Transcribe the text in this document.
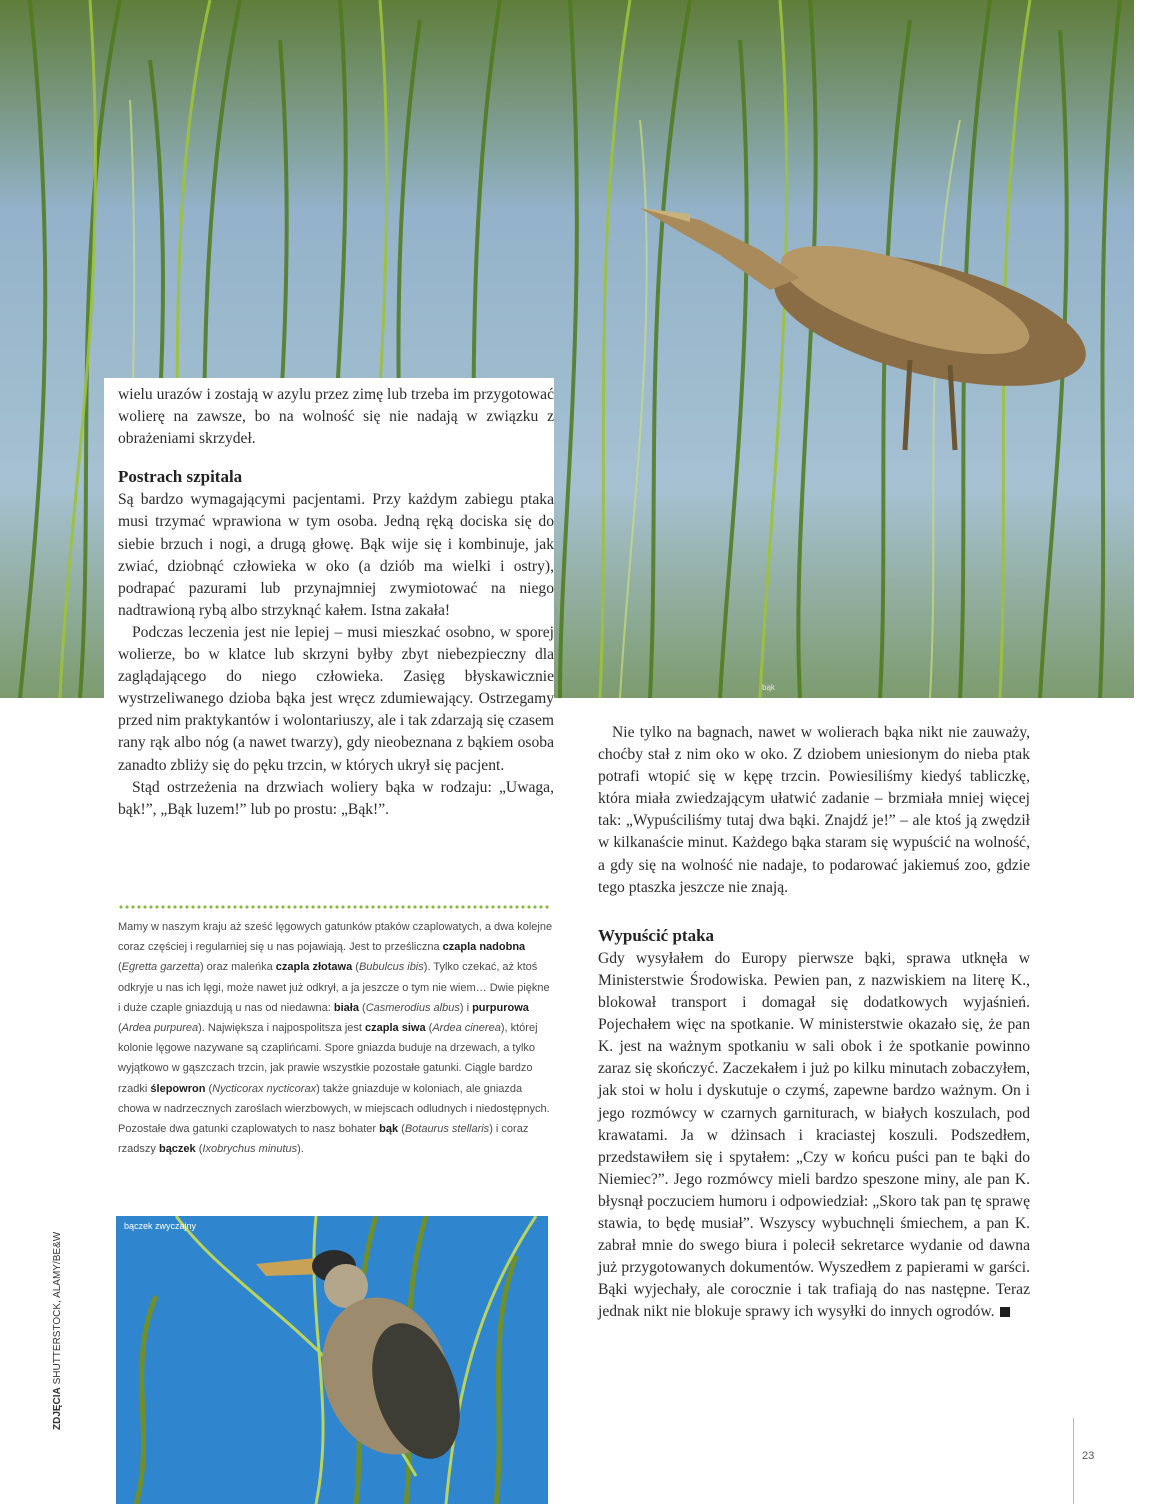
bąk

wielu urazów i zostają w azylu przez zimę lub trzeba im przygotować wolierę na zawsze, bo na wolność się nie nadają w związku z obrażeniami skrzydeł.

Postrach szpitala

Są bardzo wymagającymi pacjentami. Przy każdym zabiegu ptaka musi trzymać wprawiona w tym osoba. Jedną ręką dociska się do siebie brzuch i nogi, a drugą głowę. Bąk wije się i kombinuje, jak zwiać, dziobnąć człowieka w oko (a dziób ma wielki i ostry), podrapać pazurami lub przynajmniej zwymiotować na niego nadtrawioną rybą albo strzyknąć kałem. Istna zakała!

Podczas leczenia jest nie lepiej – musi mieszkać osobno, w sporej wolierze, bo w klatce lub skrzyni byłby zbyt niebezpieczny dla zaglądającego do niego człowieka. Zasięg błyskawicznie wystrzeliwanego dzioba bąka jest wręcz zdumiewający. Ostrzegamy przed nim praktykantów i wolontariuszy, ale i tak zdarzają się czasem rany rąk albo nóg (a nawet twarzy), gdy nieobeznana z bąkiem osoba zanadto zbliży się do pęku trzcin, w których ukrył się pacjent.

Stąd ostrzeżenia na drzwiach woliery bąka w rodzaju: „Uwaga, bąk!”, „Bąk luzem!” lub po prostu: „Bąk!”.

Nie tylko na bagnach, nawet w wolierach bąka nikt nie zauważy, choćby stał z nim oko w oko. Z dziobem uniesionym do nieba ptak potrafi wtopić się w kępę trzcin. Powiesiliśmy kiedyś tabliczkę, która miała zwiedzającym ułatwić zadanie – brzmiała mniej więcej tak: „Wypuściliśmy tutaj dwa bąki. Znajdź je!” – ale ktoś ją zwędził w kilkanaście minut. Każdego bąka staram się wypuścić na wolność, a gdy się na wolność nie nadaje, to podarować jakiemuś zoo, gdzie tego ptaszka jeszcze nie znają.

Wypuścić ptaka

Gdy wysyłałem do Europy pierwsze bąki, sprawa utknęła w Ministerstwie Środowiska. Pewien pan, z nazwiskiem na literę K., blokował transport i domagał się dodatkowych wyjaśnień. Pojechałem więc na spotkanie. W ministerstwie okazało się, że pan K. jest na ważnym spotkaniu w sali obok i że spotkanie powinno zaraz się skończyć. Zaczekałem i już po kilku minutach zobaczyłem, jak stoi w holu i dyskutuje o czymś, zapewne bardzo ważnym. On i jego rozmówcy w czarnych garniturach, w białych koszulach, pod krawatami. Ja w dżinsach i kraciastej koszuli. Podszedłem, przedstawiłem się i spytałem: „Czy w końcu puści pan te bąki do Niemiec?”. Jego rozmówcy mieli bardzo speszone miny, ale pan K. błysnął poczuciem humoru i odpowiedział: „Skoro tak pan tę sprawę stawia, to będę musiał”. Wszyscy wybuchnęli śmiechem, a pan K. zabrał mnie do swego biura i polecił sekretarce wydanie od dawna już przygotowanych dokumentów. Wyszedłem z papierami w garści. Bąki wyjechały, ale corocznie i tak trafiają do nas następne. Teraz jednak nikt nie blokuje sprawy ich wysyłki do innych ogrodów.

Mamy w naszym kraju aż sześć lęgowych gatunków ptaków czaplowatych, a dwa kolejne coraz częściej i regularniej się u nas pojawiają. Jest to prześliczna czapla nadobna (Egretta garzetta) oraz maleńka czapla złotawa (Bubulcus ibis). Tylko czekać, aż ktoś odkryje u nas ich lęgi, może nawet już odkrył, a ja jeszcze o tym nie wiem… Dwie piękne i duże czaple gniazdują u nas od niedawna: biała (Casmerodius albus) i purpurowa (Ardea purpurea). Największa i najpospolitsza jest czapla siwa (Ardea cinerea), której kolonie lęgowe nazywane są czaplińcami. Spore gniazda buduje na drzewach, a tylko wyjątkowo w gąszczach trzcin, jak prawie wszystkie pozostałe gatunki. Ciągle bardzo rzadki ślepowron (Nycticorax nycticorax) także gniazduje w koloniach, ale gniazda chowa w nadrzecznych zaroślach wierzbowych, w miejscach odludnych i niedostępnych. Pozostałe dwa gatunki czaplowatych to nasz bohater bąk (Botaurus stellaris) i coraz rzadszy bączek (Ixobrychus minutus).
bączek zwyczajny
ZDJĘCIA SHUTTERSTOCK, ALAMY/BE&W
23
